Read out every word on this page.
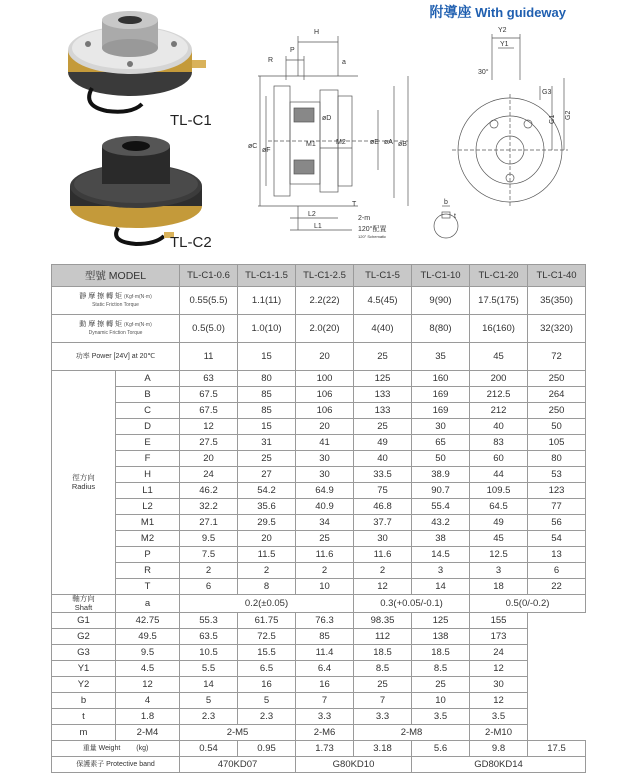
附導座 With guideway
TL-C1
TL-C2
H
P
R	a
øD
øC
øF
M1	M2	øE øA øB
L2
L1
T
2-m
120°配置
120° Schematic
Y2
Y1
30°
G3
G1 G2
b
t
型號 MODEL		TL-C1-0.6	TL-C1-1.5	TL-C1-2.5	TL-C1-5	TL-C1-10	TL-C1-20	TL-C1-40
靜 摩 擦 轉 矩 (Kgf·m(N·m)
Static Friction Torque		0.55(5.5)	1.1(11)	2.2(22)	4.5(45)	9(90)	17.5(175)	35(350)
動 摩 擦 轉 矩 (Kgf·m(N·m)
Dynamic Friction Torque		0.5(5.0)	1.0(10)	2.0(20)	4(40)	8(80)	16(160)	32(320)
功率 Power [24V] at 20℃		11	15	20	25	35	45	72
徑方向
Radius	A	63	80	100	125	160	200	250
	B	67.5	85	106	133	169	212.5	264
	C	67.5	85	106	133	169	212	250
	D	12	15	20	25	30	40	50
	E	27.5	31	41	49	65	83	105
	F	20	25	30	40	50	60	80
	H	24	27	30	33.5	38.9	44	53
	L1	46.2	54.2	64.9	75	90.7	109.5	123
	L2	32.2	35.6	40.9	46.8	55.4	64.5	77
	M1	27.1	29.5	34	37.7	43.2	49	56
	M2	9.5	20	25	30	38	45	54
	P	7.5	11.5	11.6	11.6	14.5	12.5	13
	R	2	2	2	2	3	3	6
	T	6	8	10	12	14	18	22
軸方向
Shaft	a	0.2(±0.05)			0.3(+0.05/-0.1)		0.5(0/-0.2)	
G1	42.75	55.3	61.75	76.3	98.35	125	155	
G2	49.5	63.5	72.5	85	112	138	173	
G3	9.5	10.5	15.5	11.4	18.5	18.5	24	
Y1	4.5	5.5	6.5	6.4	8.5	8.5	12	
Y2	12	14	16	16	25	25	30	
b	4	5	5	7	7	10	12	
t	1.8	2.3	2.3	3.3	3.3	3.5	3.5	
m	2-M4	2-M5		2-M6	2-M8		2-M10	
重量 Weight (kg)		0.54	0.95	1.73	3.18	5.6	9.8	17.5
保護素子 Protective band		470KD07		G80KD10		GD80KD14		
